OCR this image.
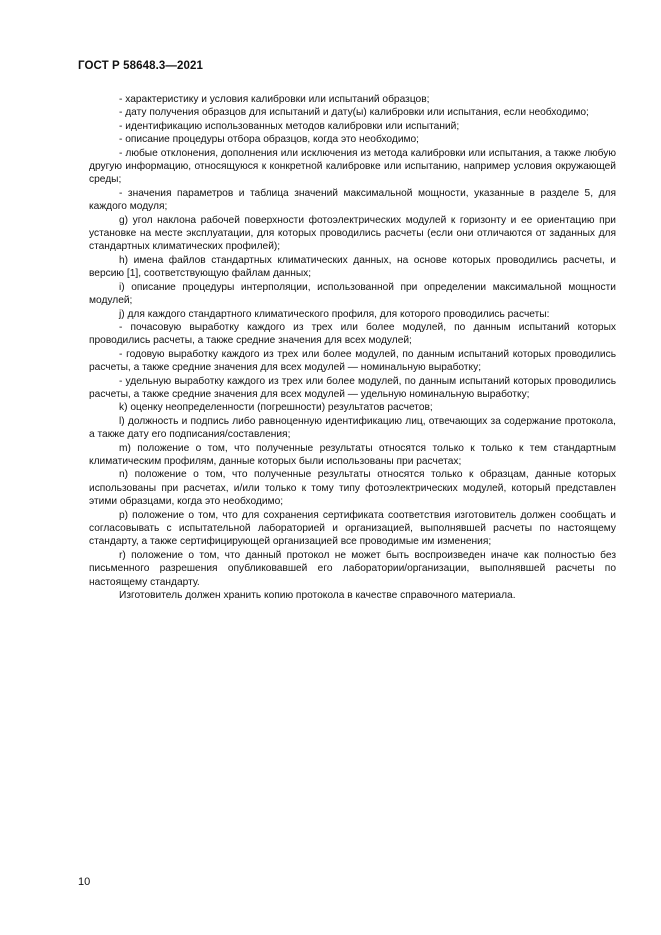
ГОСТ Р 58648.3—2021

- характеристику и условия калибровки или испытаний образцов;

- дату получения образцов для испытаний и дату(ы) калибровки или испытания, если необходимо;

- идентификацию использованных методов калибровки или испытаний;

- описание процедуры отбора образцов, когда это необходимо;

- любые отклонения, дополнения или исключения из метода калибровки или испытания, а также любую другую информацию, относящуюся к конкретной калибровке или испытанию, например условия окружающей среды;

- значения параметров и таблица значений максимальной мощности, указанные в разделе 5, для каждого модуля;

g) угол наклона рабочей поверхности фотоэлектрических модулей к горизонту и ее ориентацию при установке на месте эксплуатации, для которых проводились расчеты (если они отличаются от заданных для стандартных климатических профилей);

h) имена файлов стандартных климатических данных, на основе которых проводились расчеты, и версию [1], соответствующую файлам данных;

i) описание процедуры интерполяции, использованной при определении максимальной мощности модулей;

j) для каждого стандартного климатического профиля, для которого проводились расчеты:

- почасовую выработку каждого из трех или более модулей, по данным испытаний которых проводились расчеты, а также средние значения для всех модулей;

- годовую выработку каждого из трех или более модулей, по данным испытаний которых проводились расчеты, а также средние значения для всех модулей — номинальную выработку;

- удельную выработку каждого из трех или более модулей, по данным испытаний которых проводились расчеты, а также средние значения для всех модулей — удельную номинальную выработку;

k) оценку неопределенности (погрешности) результатов расчетов;

l) должность и подпись либо равноценную идентификацию лиц, отвечающих за содержание протокола, а также дату его подписания/составления;

m) положение о том, что полученные результаты относятся только к только к тем стандартным климатическим профилям, данные которых были использованы при расчетах;

n) положение о том, что полученные результаты относятся только к образцам, данные которых использованы при расчетах, и/или только к тому типу фотоэлектрических модулей, который представлен этими образцами, когда это необходимо;

p) положение о том, что для сохранения сертификата соответствия изготовитель должен сообщать и согласовывать с испытательной лабораторией и организацией, выполнявшей расчеты по настоящему стандарту, а также сертифицирующей организацией все проводимые им изменения;

r) положение о том, что данный протокол не может быть воспроизведен иначе как полностью без письменного разрешения опубликовавшей его лаборатории/организации, выполнявшей расчеты по настоящему стандарту.

Изготовитель должен хранить копию протокола в качестве справочного материала.

10
